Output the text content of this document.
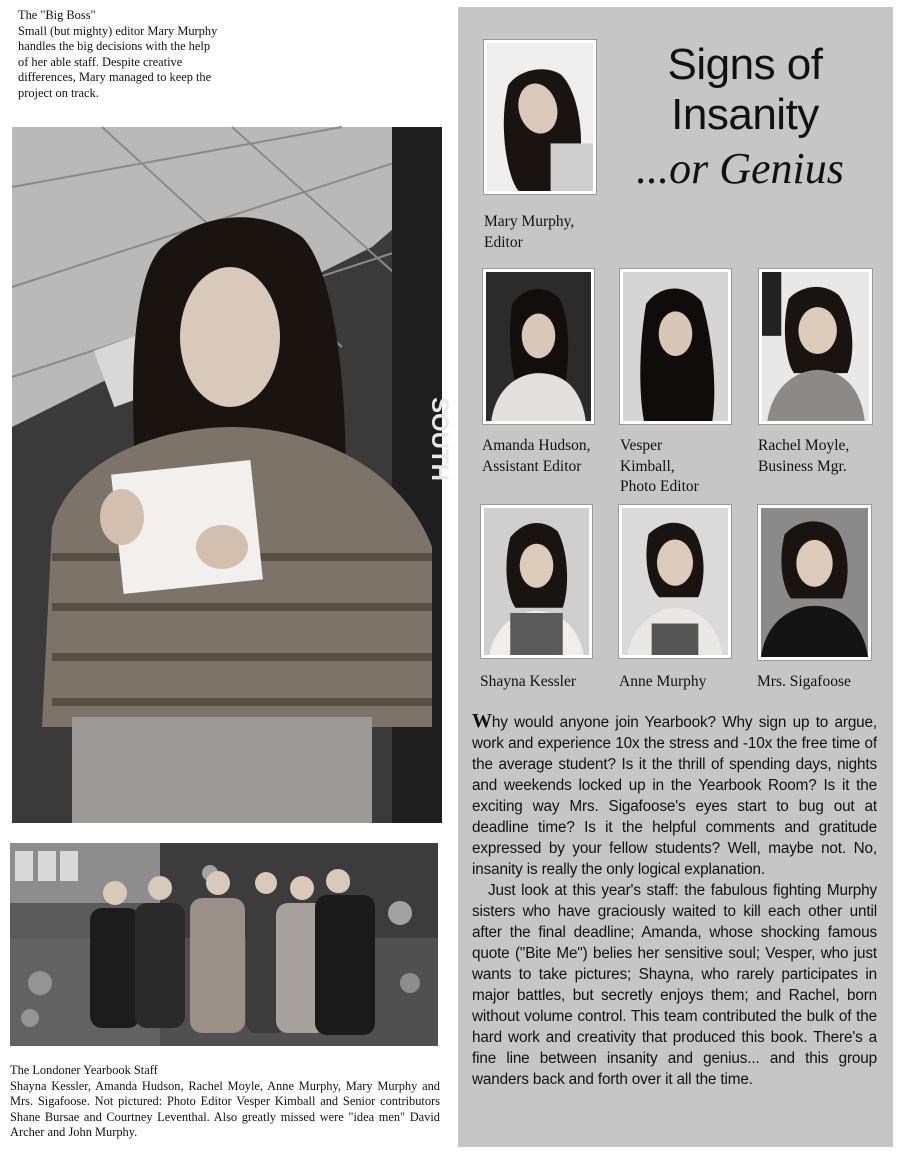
The "Big Boss"

Small (but mighty) editor Mary Murphy handles the big decisions with the help of her able staff. Despite creative differences, Mary managed to keep the project on track.

SOUTH

The Londoner Yearbook Staff

Shayna Kessler, Amanda Hudson, Rachel Moyle, Anne Murphy, Mary Murphy and Mrs. Sigafoose. Not pictured: Photo Editor Vesper Kimball and Senior contributors Shane Bursae and Courtney Leventhal. Also greatly missed were "idea men" David Archer and John Murphy.

Signs of
Insanity
...or Genius
Mary Murphy,
Editor
Amanda Hudson,
Assistant Editor
Vesper
Kimball,
Photo Editor
Rachel Moyle,
Business Mgr.
Shayna Kessler	Anne Murphy	Mrs. Sigafoose

Why would anyone join Yearbook? Why sign up to argue, work and experience 10x the stress and -10x the free time of the average student? Is it the thrill of spending days, nights and weekends locked up in the Yearbook Room? Is it the exciting way Mrs. Sigafoose's eyes start to bug out at deadline time? Is it the helpful comments and gratitude expressed by your fellow students? Well, maybe not. No, insanity is really the only logical explanation.

Just look at this year's staff: the fabulous fighting Murphy sisters who have graciously waited to kill each other until after the final deadline; Amanda, whose shocking famous quote ("Bite Me") belies her sensitive soul; Vesper, who just wants to take pictures; Shayna, who rarely participates in major battles, but secretly enjoys them; and Rachel, born without volume control. This team contributed the bulk of the hard work and creativity that produced this book. There's a fine line between insanity and genius... and this group wanders back and forth over it all the time.
